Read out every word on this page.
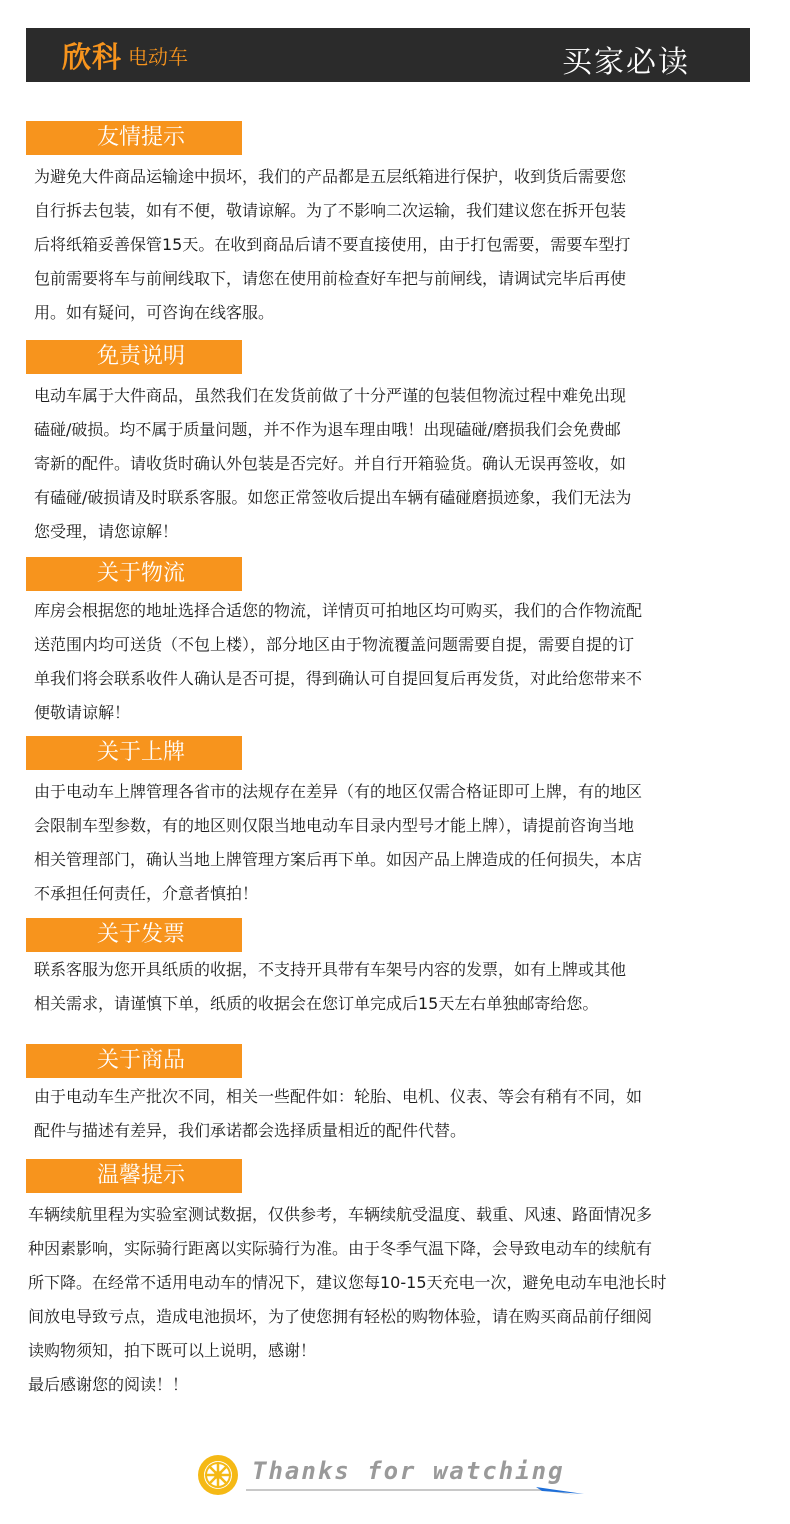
欣科 电动车	买家必读
友情提示
为避免大件商品运输途中损坏，我们的产品都是五层纸箱进行保护，收到货后需要您
自行拆去包装，如有不便，敬请谅解。为了不影响二次运输，我们建议您在拆开包装
后将纸箱妥善保管15天。在收到商品后请不要直接使用，由于打包需要，需要车型打
包前需要将车与前闸线取下，请您在使用前检查好车把与前闸线，请调试完毕后再使
用。如有疑问，可咨询在线客服。
免责说明
电动车属于大件商品，虽然我们在发货前做了十分严谨的包装但物流过程中难免出现
磕碰/破损。均不属于质量问题，并不作为退车理由哦！出现磕碰/磨损我们会免费邮
寄新的配件。请收货时确认外包装是否完好。并自行开箱验货。确认无误再签收，如
有磕碰/破损请及时联系客服。如您正常签收后提出车辆有磕碰磨损迹象，我们无法为
您受理，请您谅解！
关于物流
库房会根据您的地址选择合适您的物流，详情页可拍地区均可购买，我们的合作物流配
送范围内均可送货（不包上楼），部分地区由于物流覆盖问题需要自提，需要自提的订
单我们将会联系收件人确认是否可提，得到确认可自提回复后再发货，对此给您带来不
便敬请谅解！
关于上牌
由于电动车上牌管理各省市的法规存在差异（有的地区仅需合格证即可上牌，有的地区
会限制车型参数，有的地区则仅限当地电动车目录内型号才能上牌），请提前咨询当地
相关管理部门，确认当地上牌管理方案后再下单。如因产品上牌造成的任何损失，本店
不承担任何责任，介意者慎拍！
关于发票
联系客服为您开具纸质的收据，不支持开具带有车架号内容的发票，如有上牌或其他
相关需求，请谨慎下单，纸质的收据会在您订单完成后15天左右单独邮寄给您。
关于商品
由于电动车生产批次不同，相关一些配件如：轮胎、电机、仪表、等会有稍有不同，如
配件与描述有差异，我们承诺都会选择质量相近的配件代替。
温馨提示
车辆续航里程为实验室测试数据，仅供参考，车辆续航受温度、载重、风速、路面情况多
种因素影响，实际骑行距离以实际骑行为准。由于冬季气温下降，会导致电动车的续航有
所下降。在经常不适用电动车的情况下，建议您每10-15天充电一次，避免电动车电池长时
间放电导致亏点，造成电池损坏，为了使您拥有轻松的购物体验，请在购买商品前仔细阅
读购物须知，拍下既可以上说明，感谢！
最后感谢您的阅读！！
Thanks for watching
